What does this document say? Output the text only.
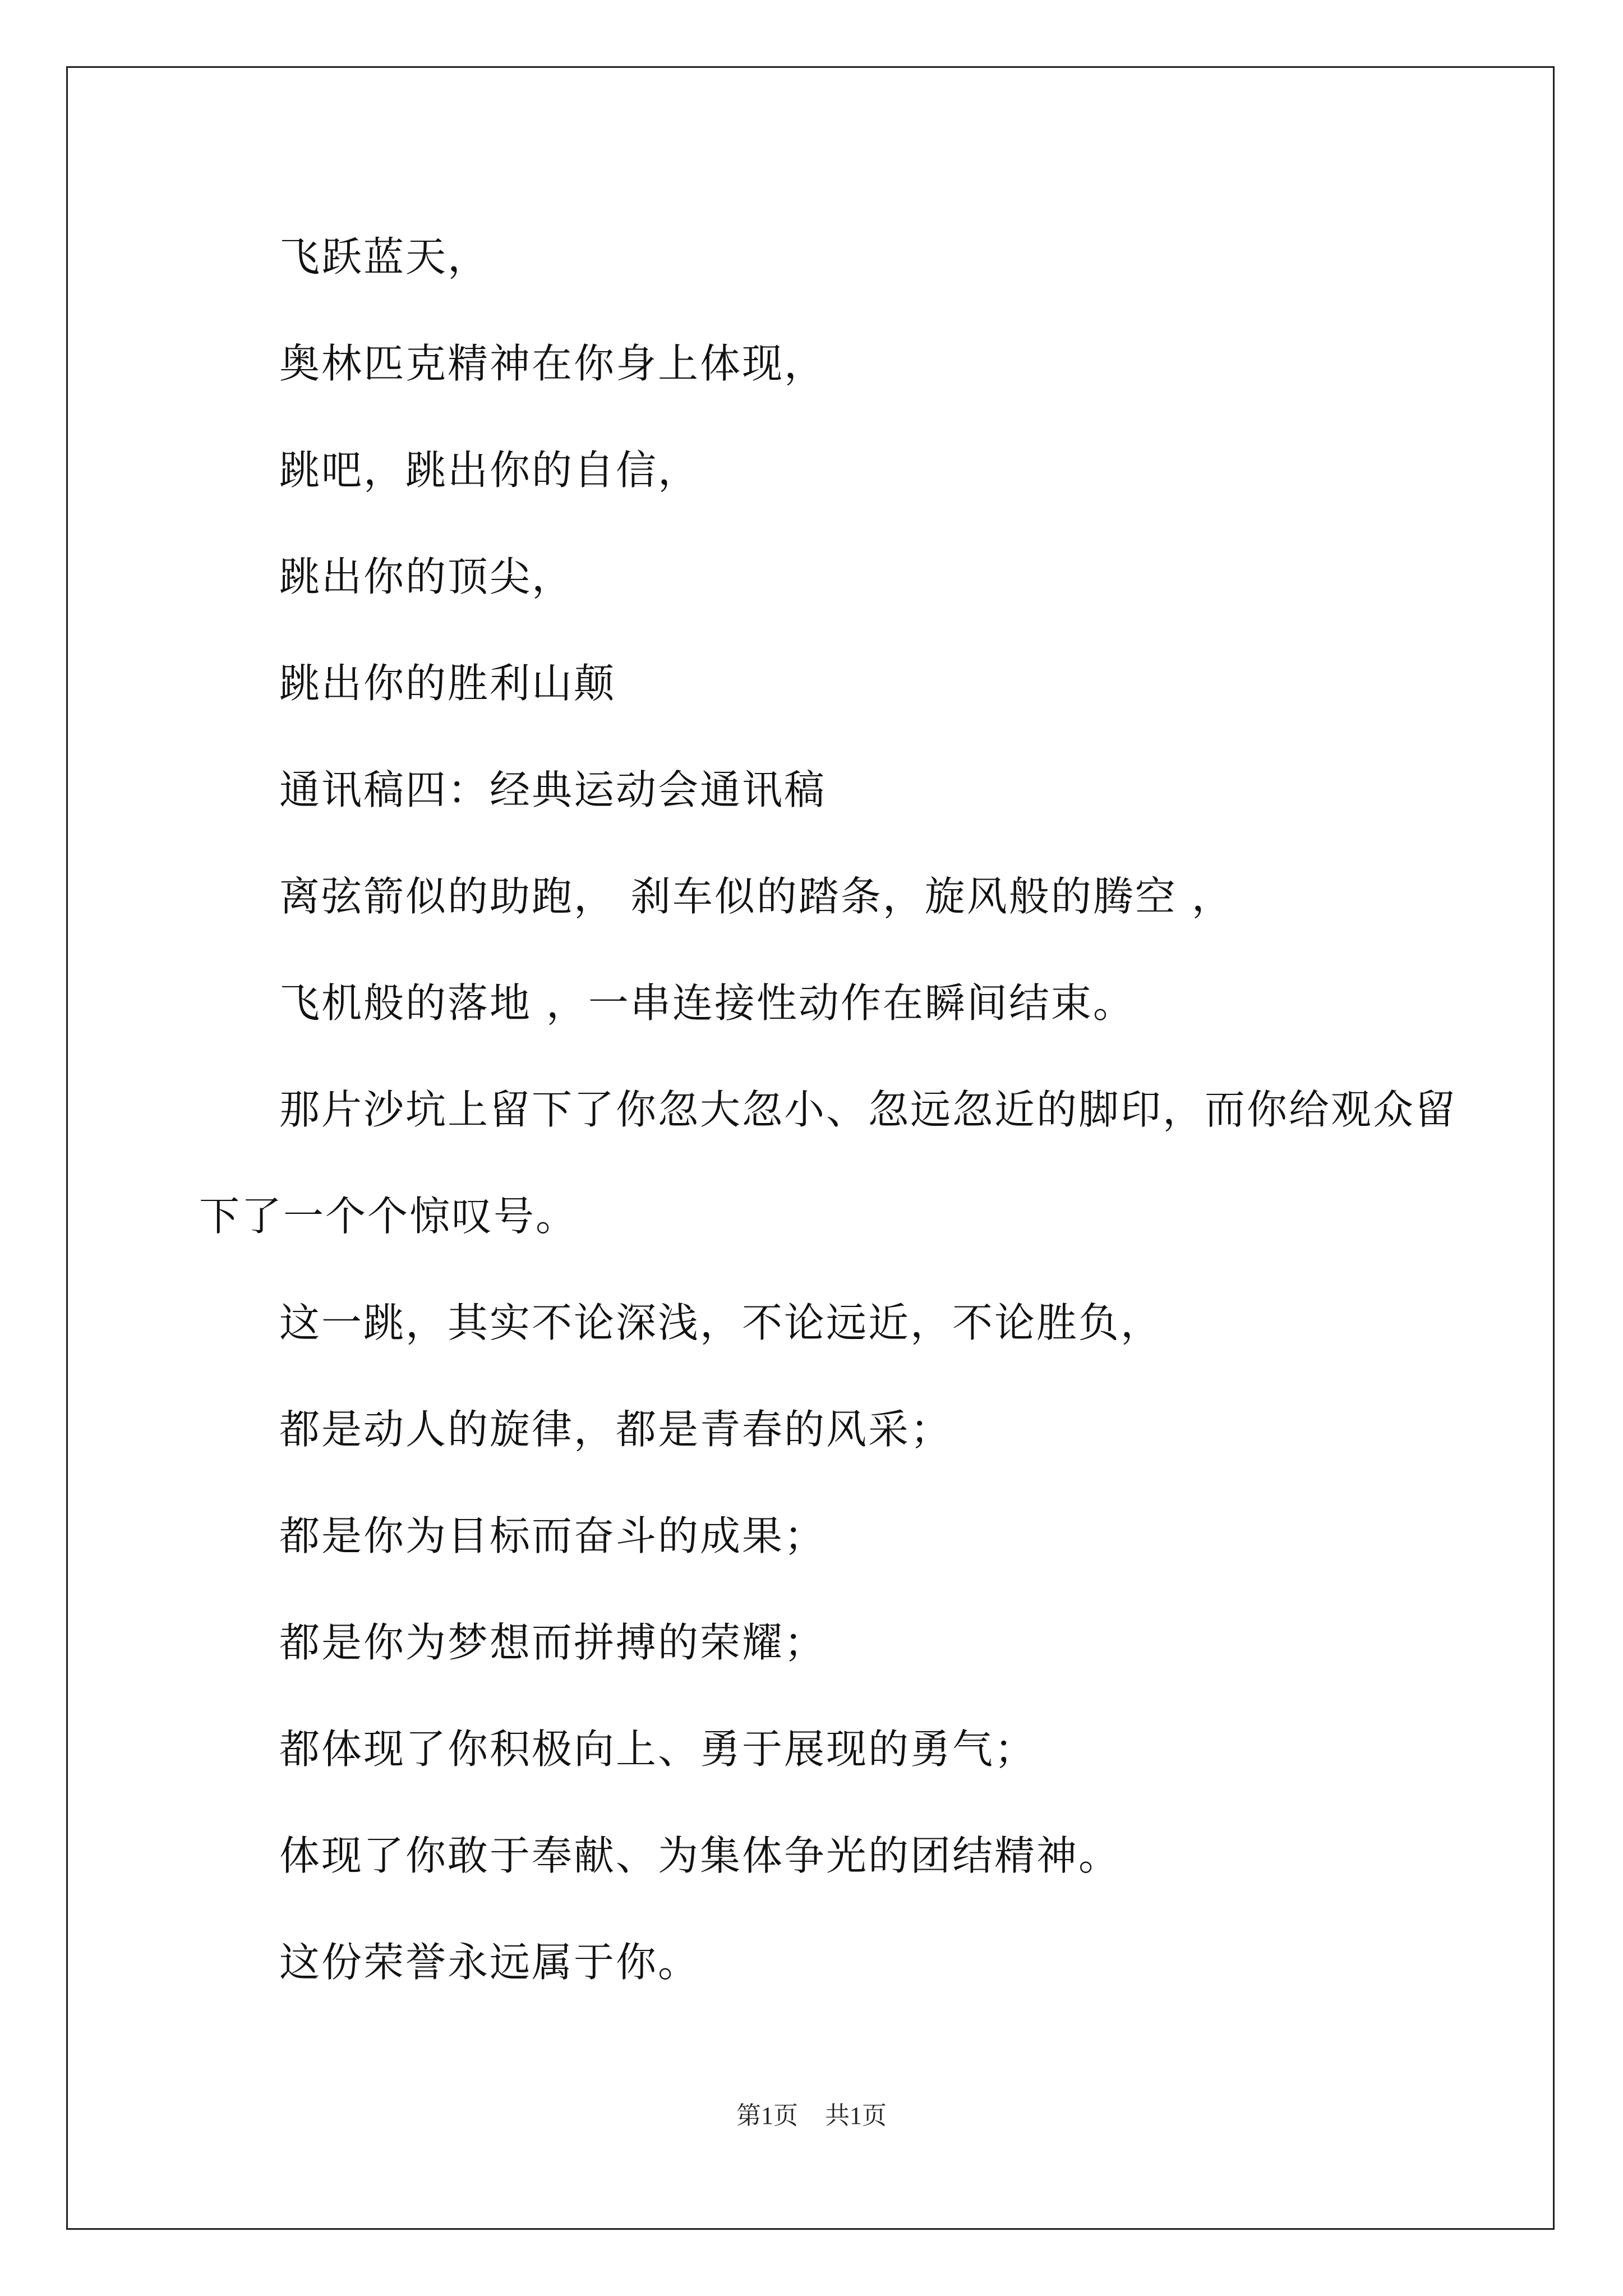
飞跃蓝天，

奥林匹克精神在你身上体现，

跳吧，跳出你的自信，

跳出你的顶尖，

跳出你的胜利山颠

通讯稿四：经典运动会通讯稿

离弦箭似的助跑， 刹车似的踏条，旋风般的腾空 ，

飞机般的落地 ，一串连接性动作在瞬间结束。

那片沙坑上留下了你忽大忽小、忽远忽近的脚印，而你给观众留

下了一个个惊叹号。

这一跳，其实不论深浅，不论远近，不论胜负，

都是动人的旋律，都是青春的风采；

都是你为目标而奋斗的成果；

都是你为梦想而拼搏的荣耀；

都体现了你积极向上、勇于展现的勇气；

体现了你敢于奉献、为集体争光的团结精神。

这份荣誉永远属于你。

第1页 共1页
